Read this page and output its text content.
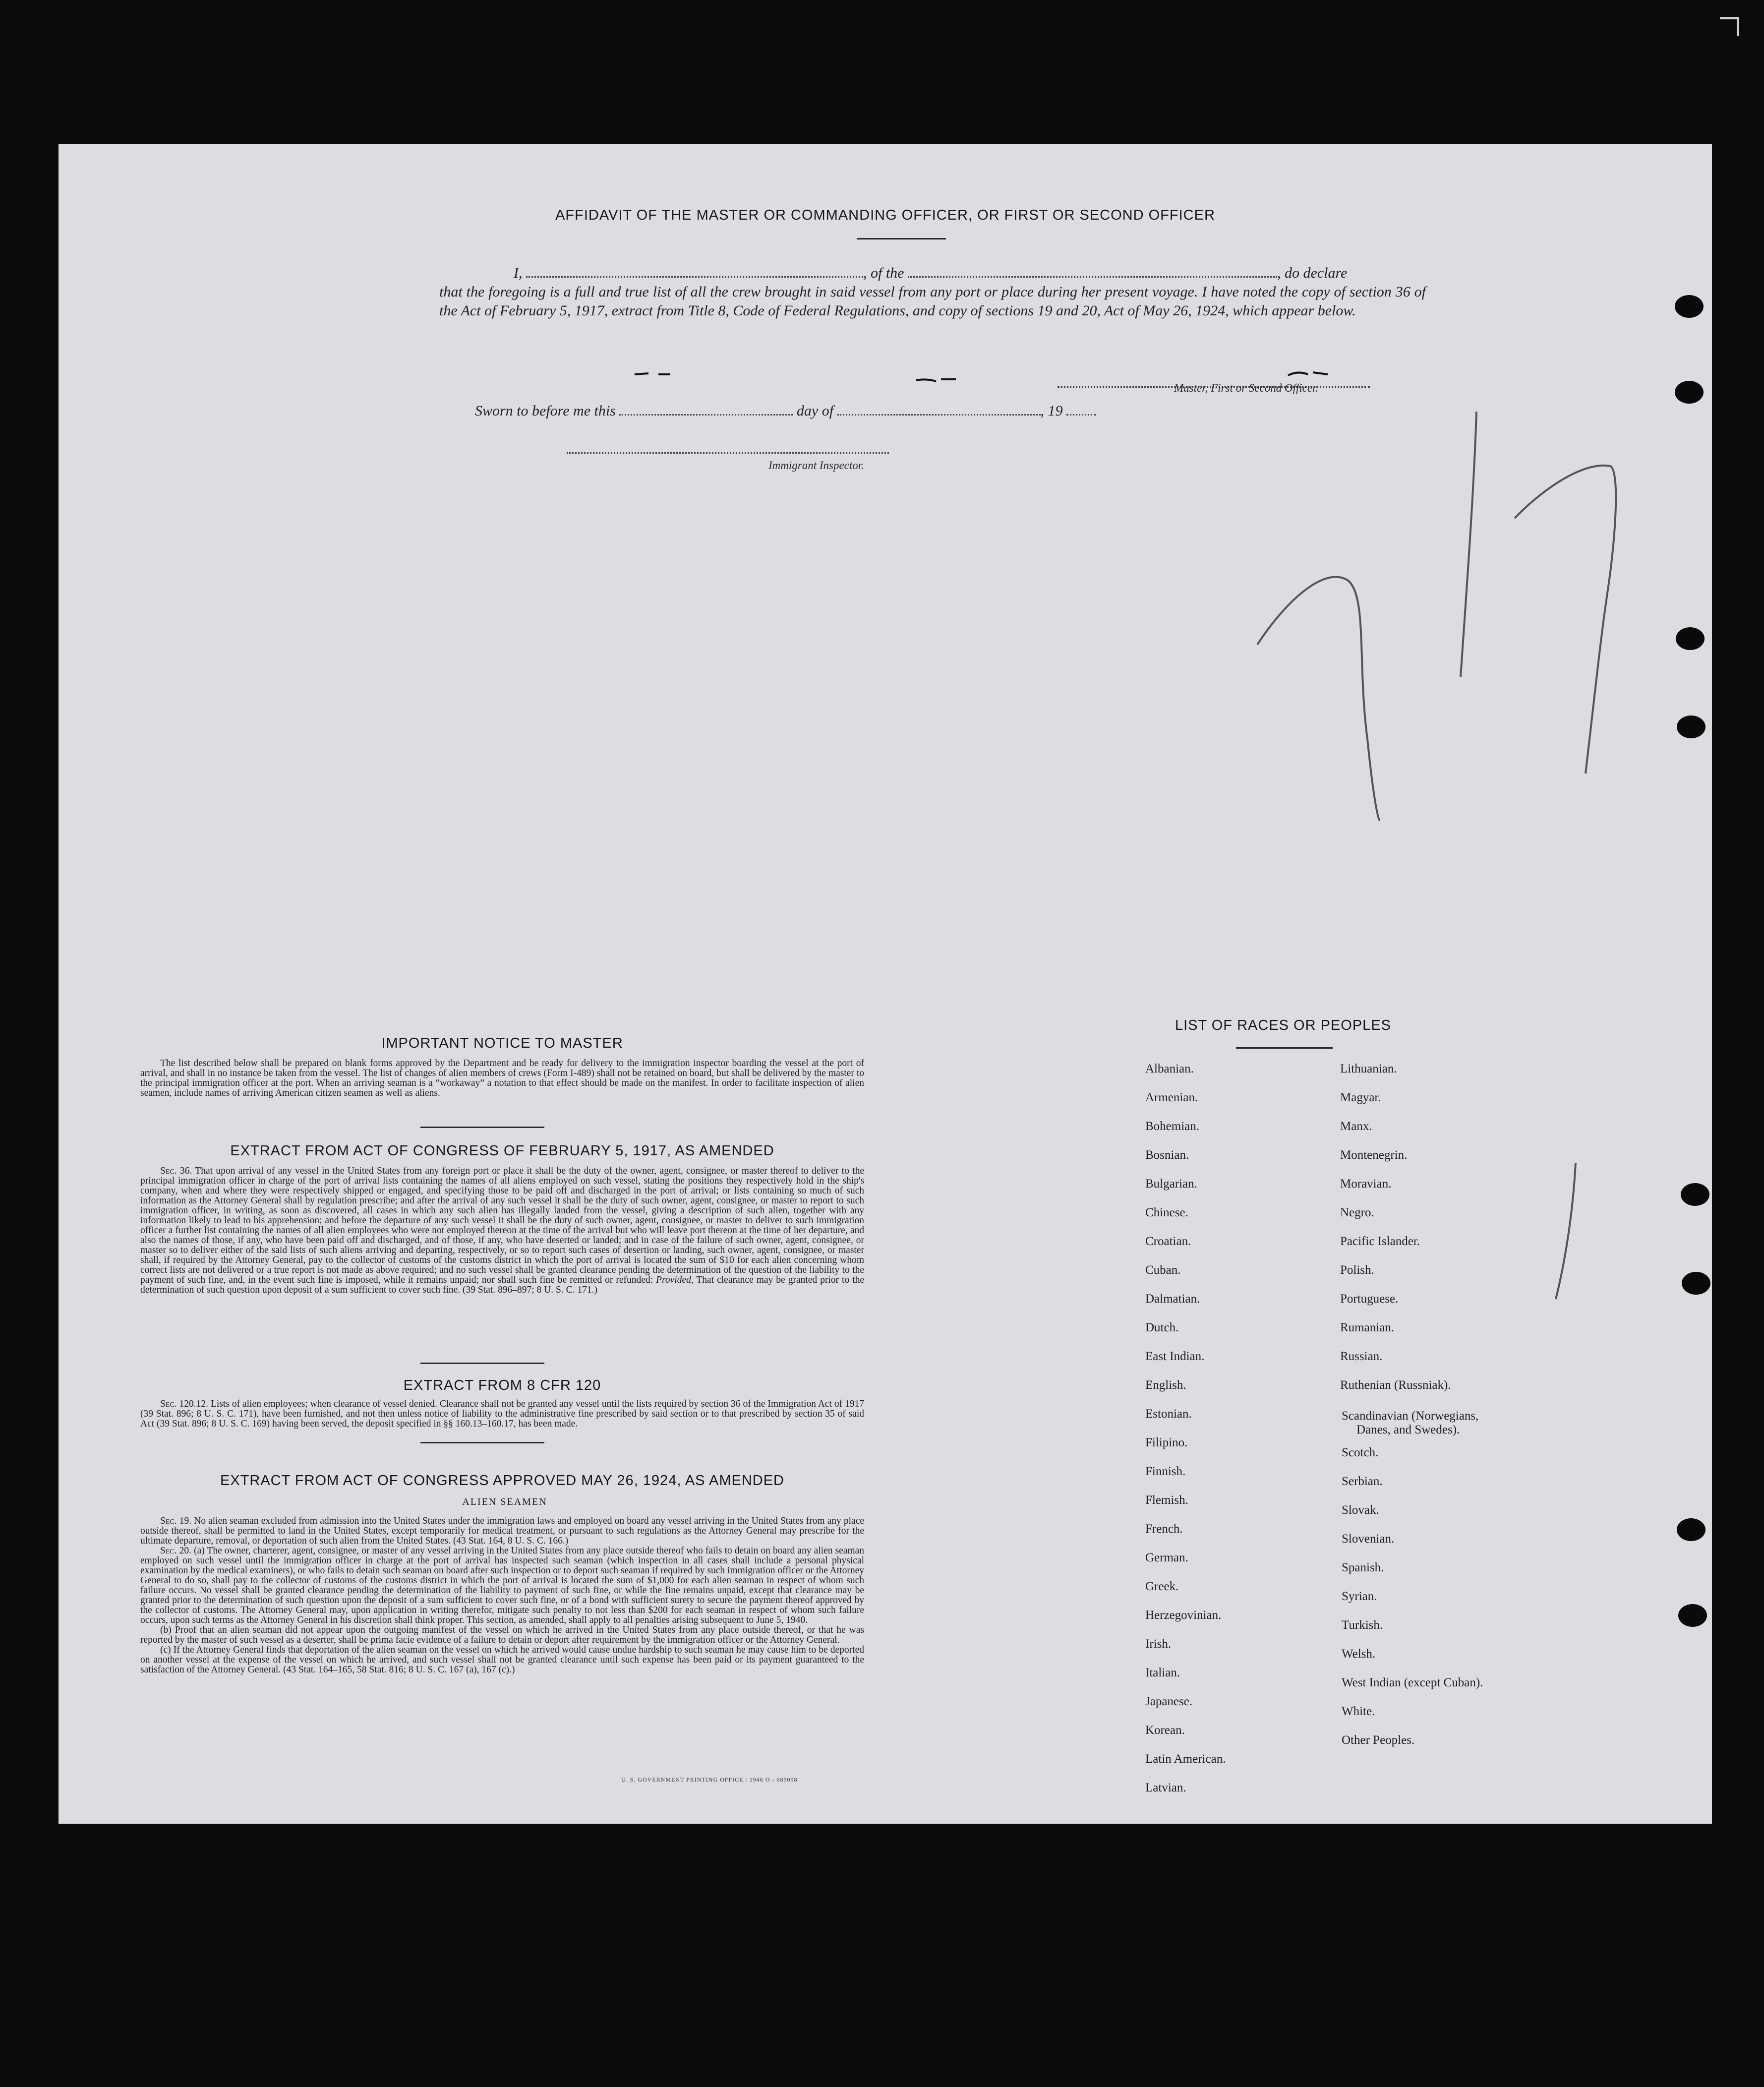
AFFIDAVIT OF THE MASTER OR COMMANDING OFFICER, OR FIRST OR SECOND OFFICER
I,	, of the	, do declare
that the foregoing is a full and true list of all the crew brought in said vessel from any port or place during her present voyage. I have noted the copy of section 36 of the Act of February 5, 1917, extract from Title 8, Code of Federal Regulations, and copy of sections 19 and 20, Act of May 26, 1924, which appear below.
Master, First or Second Officer.
Sworn to before me this	day of	, 19
Immigrant Inspector.
IMPORTANT NOTICE TO MASTER

The list described below shall be prepared on blank forms approved by the Department and be ready for delivery to the immigration inspector boarding the vessel at the port of arrival, and shall in no instance be taken from the vessel. The list of changes of alien members of crews (Form I-489) shall not be retained on board, but shall be delivered by the master to the principal immigration officer at the port. When an arriving seaman is a “workaway” a notation to that effect should be made on the manifest. In order to facilitate inspection of alien seamen, include names of arriving American citizen seamen as well as aliens.

EXTRACT FROM ACT OF CONGRESS OF FEBRUARY 5, 1917, AS AMENDED

Sec. 36. That upon arrival of any vessel in the United States from any foreign port or place it shall be the duty of the owner, agent, consignee, or master thereof to deliver to the principal immigration officer in charge of the port of arrival lists containing the names of all aliens employed on such vessel, stating the positions they respectively hold in the ship's company, when and where they were respectively shipped or engaged, and specifying those to be paid off and discharged in the port of arrival; or lists containing so much of such information as the Attorney General shall by regulation prescribe; and after the arrival of any such vessel it shall be the duty of such owner, agent, consignee, or master to report to such immigration officer, in writing, as soon as discovered, all cases in which any such alien has illegally landed from the vessel, giving a description of such alien, together with any information likely to lead to his apprehension; and before the departure of any such vessel it shall be the duty of such owner, agent, consignee, or master to deliver to such immigration officer a further list containing the names of all alien employees who were not employed thereon at the time of the arrival but who will leave port thereon at the time of her departure, and also the names of those, if any, who have been paid off and discharged, and of those, if any, who have deserted or landed; and in case of the failure of such owner, agent, consignee, or master so to deliver either of the said lists of such aliens arriving and departing, respectively, or so to report such cases of desertion or landing, such owner, agent, consignee, or master shall, if required by the Attorney General, pay to the collector of customs of the customs district in which the port of arrival is located the sum of $10 for each alien concerning whom correct lists are not delivered or a true report is not made as above required; and no such vessel shall be granted clearance pending the determination of the question of the liability to the payment of such fine, and, in the event such fine is imposed, while it remains unpaid; nor shall such fine be remitted or refunded: Provided, That clearance may be granted prior to the determination of such question upon deposit of a sum sufficient to cover such fine. (39 Stat. 896–897; 8 U. S. C. 171.)

EXTRACT FROM 8 CFR 120

Sec. 120.12. Lists of alien employees; when clearance of vessel denied. Clearance shall not be granted any vessel until the lists required by section 36 of the Immigration Act of 1917 (39 Stat. 896; 8 U. S. C. 171), have been furnished, and not then unless notice of liability to the administrative fine prescribed by said section or to that prescribed by section 35 of said Act (39 Stat. 896; 8 U. S. C. 169) having been served, the deposit specified in §§ 160.13–160.17, has been made.

EXTRACT FROM ACT OF CONGRESS APPROVED MAY 26, 1924, AS AMENDED
ALIEN SEAMEN

Sec. 19. No alien seaman excluded from admission into the United States under the immigration laws and employed on board any vessel arriving in the United States from any place outside thereof, shall be permitted to land in the United States, except temporarily for medical treatment, or pursuant to such regulations as the Attorney General may prescribe for the ultimate departure, removal, or deportation of such alien from the United States. (43 Stat. 164, 8 U. S. C. 166.)

Sec. 20. (a) The owner, charterer, agent, consignee, or master of any vessel arriving in the United States from any place outside thereof who fails to detain on board any alien seaman employed on such vessel until the immigration officer in charge at the port of arrival has inspected such seaman (which inspection in all cases shall include a personal physical examination by the medical examiners), or who fails to detain such seaman on board after such inspection or to deport such seaman if required by such immigration officer or the Attorney General to do so, shall pay to the collector of customs of the customs district in which the port of arrival is located the sum of $1,000 for each alien seaman in respect of whom such failure occurs. No vessel shall be granted clearance pending the determination of the liability to payment of such fine, or while the fine remains unpaid, except that clearance may be granted prior to the determination of such question upon the deposit of a sum sufficient to cover such fine, or of a bond with sufficient surety to secure the payment thereof approved by the collector of customs. The Attorney General may, upon application in writing therefor, mitigate such penalty to not less than $200 for each seaman in respect of whom such failure occurs, upon such terms as the Attorney General in his discretion shall think proper. This section, as amended, shall apply to all penalties arising subsequent to June 5, 1940.

(b) Proof that an alien seaman did not appear upon the outgoing manifest of the vessel on which he arrived in the United States from any place outside thereof, or that he was reported by the master of such vessel as a deserter, shall be prima facie evidence of a failure to detain or deport after requirement by the immigration officer or the Attorney General.

(c) If the Attorney General finds that deportation of the alien seaman on the vessel on which he arrived would cause undue hardship to such seaman he may cause him to be deported on another vessel at the expense of the vessel on which he arrived, and such vessel shall not be granted clearance until such expense has been paid or its payment guaranteed to the satisfaction of the Attorney General. (43 Stat. 164–165, 58 Stat. 816; 8 U. S. C. 167 (a), 167 (c).)

U. S. GOVERNMENT PRINTING OFFICE : 1946 O - 689098
LIST OF RACES OR PEOPLES
Albanian.
Armenian.
Bohemian.
Bosnian.
Bulgarian.
Chinese.
Croatian.
Cuban.
Dalmatian.
Dutch.
East Indian.
English.
Estonian.
Filipino.
Finnish.
Flemish.
French.
German.
Greek.
Herzegovinian.
Irish.
Italian.
Japanese.
Korean.
Latin American.
Latvian.
Lithuanian.
Magyar.
Manx.
Montenegrin.
Moravian.
Negro.
Pacific Islander.
Polish.
Portuguese.
Rumanian.
Russian.
Ruthenian (Russniak).
Scandinavian (Norwegians,
Danes, and Swedes).
Scotch.
Serbian.
Slovak.
Slovenian.
Spanish.
Syrian.
Turkish.
Welsh.
West Indian (except Cuban).
White.
Other Peoples.
